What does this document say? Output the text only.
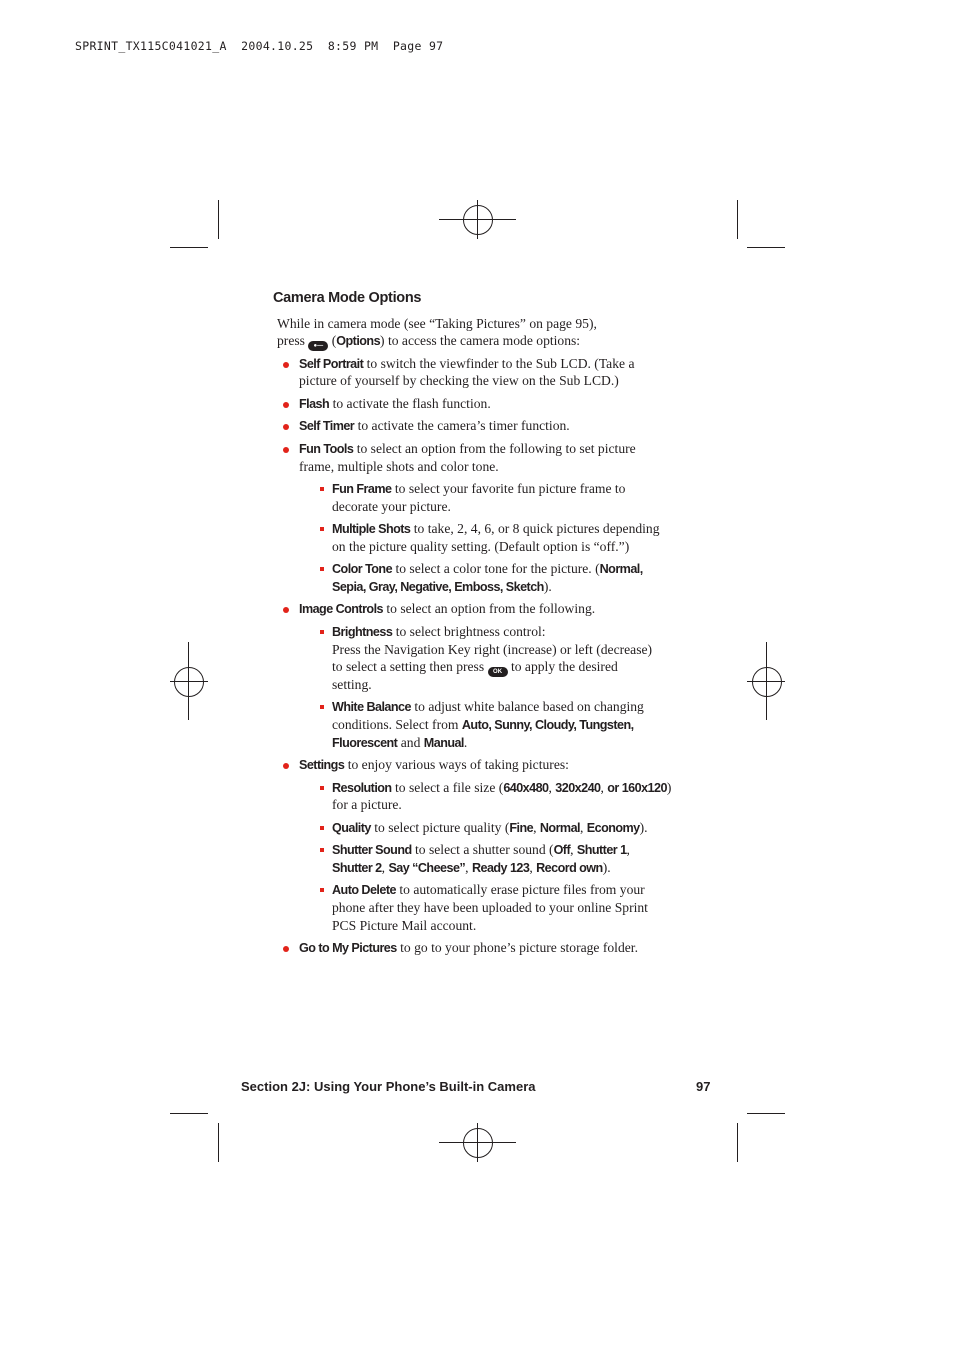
SPRINT_TX115C041021_A  2004.10.25  8:59 PM  Page 97
Camera Mode Options
While in camera mode (see “Taking Pictures” on page 95),
press ●— (Options) to access the camera mode options:
Self Portrait to switch the viewfinder to the Sub LCD. (Take a
picture of yourself by checking the view on the Sub LCD.)
Flash to activate the flash function.
Self Timer to activate the camera’s timer function.
Fun Tools to select an option from the following to set picture
frame, multiple shots and color tone.
Fun Frame to select your favorite fun picture frame to
decorate your picture.
Multiple Shots to take, 2, 4, 6, or 8 quick pictures depending
on the picture quality setting. (Default option is “off.”)
Color Tone to select a color tone for the picture. (Normal,
Sepia, Gray, Negative, Emboss, Sketch).
Image Controls to select an option from the following.
Brightness to select brightness control:
Press the Navigation Key right (increase) or left (decrease)
to select a setting then press OK to apply the desired
setting.
White Balance to adjust white balance based on changing
conditions. Select from Auto, Sunny, Cloudy, Tungsten,
Fluorescent and Manual.
Settings to enjoy various ways of taking pictures:
Resolution to select a file size (640x480, 320x240, or 160x120)
for a picture.
Quality to select picture quality (Fine, Normal, Economy).
Shutter Sound to select a shutter sound (Off, Shutter 1,
Shutter 2, Say “Cheese”, Ready 123, Record own).
Auto Delete to automatically erase picture files from your
phone after they have been uploaded to your online Sprint
PCS Picture Mail account.
Go to My Pictures to go to your phone’s picture storage folder.
Section 2J: Using Your Phone’s Built-in Camera	97
